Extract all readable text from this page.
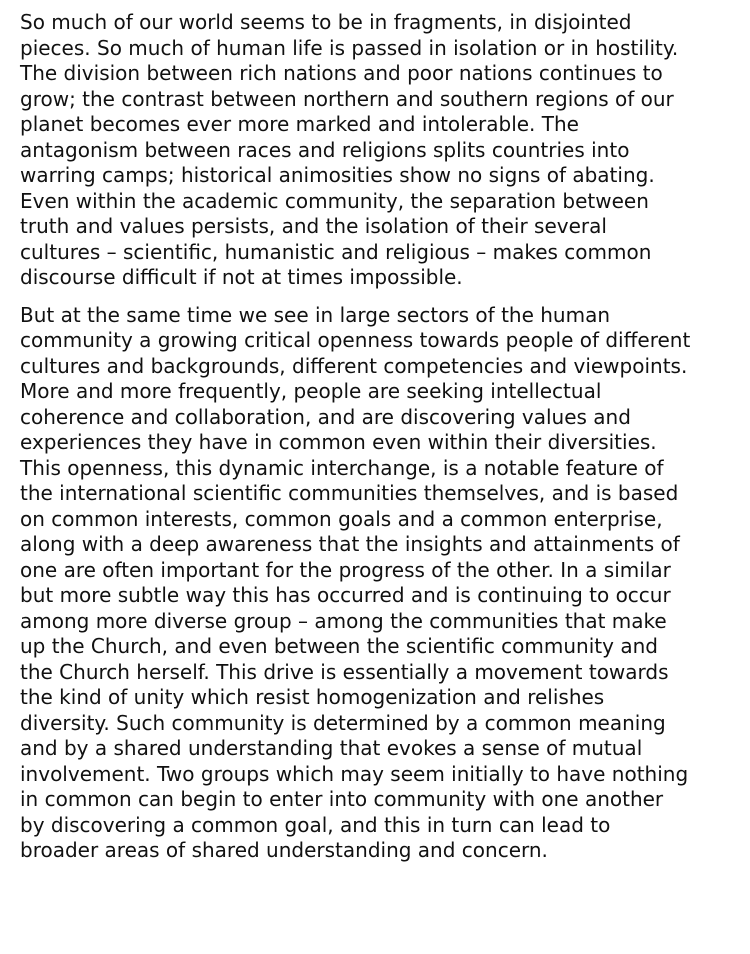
So much of our world seems to be in fragments, in disjointed
pieces. So much of human life is passed in isolation or in hostility.
The division between rich nations and poor nations continues to
grow; the contrast between northern and southern regions of our
planet becomes ever more marked and intolerable. The
antagonism between races and religions splits countries into
warring camps; historical animosities show no signs of abating.
Even within the academic community, the separation between
truth and values persists, and the isolation of their several
cultures – scientific, humanistic and religious – makes common
discourse difficult if not at times impossible.

But at the same time we see in large sectors of the human
community a growing critical openness towards people of different
cultures and backgrounds, different competencies and viewpoints.
More and more frequently, people are seeking intellectual
coherence and collaboration, and are discovering values and
experiences they have in common even within their diversities.
This openness, this dynamic interchange, is a notable feature of
the international scientific communities themselves, and is based
on common interests, common goals and a common enterprise,
along with a deep awareness that the insights and attainments of
one are often important for the progress of the other. In a similar
but more subtle way this has occurred and is continuing to occur
among more diverse group – among the communities that make
up the Church, and even between the scientific community and
the Church herself. This drive is essentially a movement towards
the kind of unity which resist homogenization and relishes
diversity. Such community is determined by a common meaning
and by a shared understanding that evokes a sense of mutual
involvement. Two groups which may seem initially to have nothing
in common can begin to enter into community with one another
by discovering a common goal, and this in turn can lead to
broader areas of shared understanding and concern.
